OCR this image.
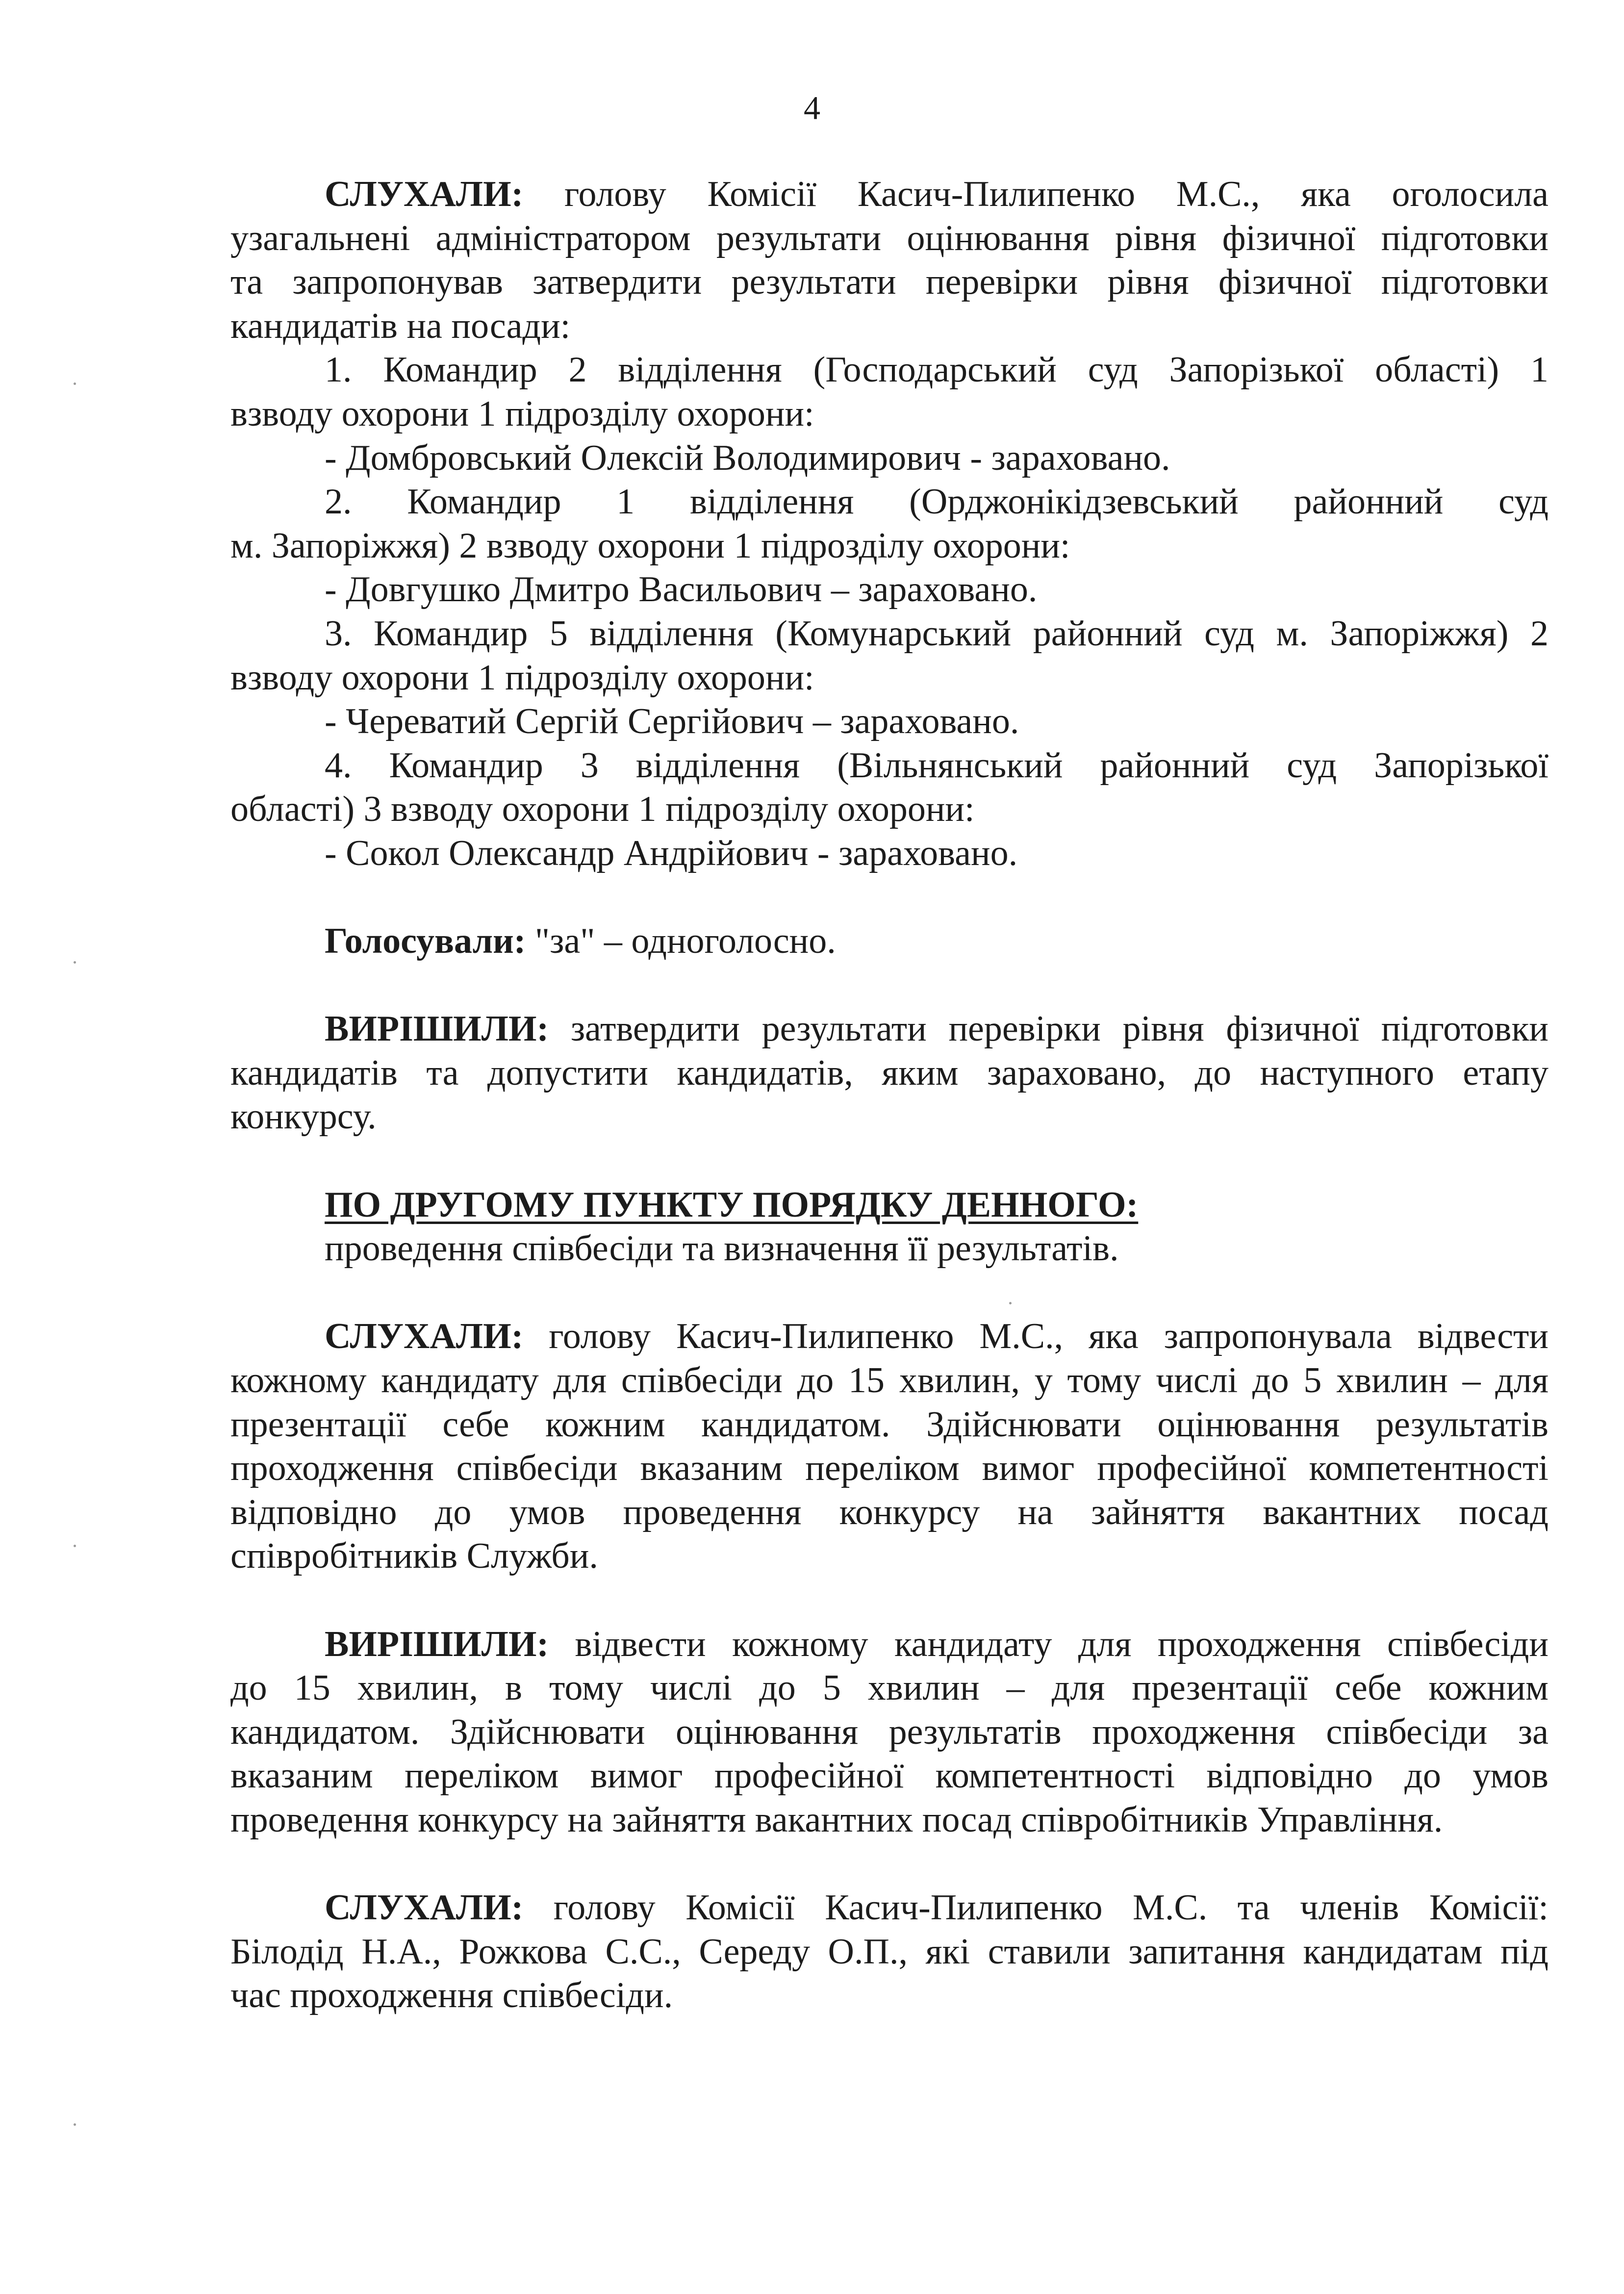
4
СЛУХАЛИ: голову Комісії Касич-Пилипенко М.С., яка оголосила
узагальнені адміністратором результати оцінювання рівня фізичної підготовки
та запропонував затвердити результати перевірки рівня фізичної підготовки
кандидатів на посади:
1. Командир 2 відділення (Господарський суд Запорізької області) 1
взводу охорони 1 підрозділу охорони:
- Домбровський Олексій Володимирович - зараховано.
2. Командир 1 відділення (Орджонікідзевський районний суд
м. Запоріжжя) 2 взводу охорони 1 підрозділу охорони:
- Довгушко Дмитро Васильович – зараховано.
3. Командир 5 відділення (Комунарський районний суд м. Запоріжжя) 2
взводу охорони 1 підрозділу охорони:
- Череватий Сергій Сергійович – зараховано.
4. Командир 3 відділення (Вільнянський районний суд Запорізької
області) 3 взводу охорони 1 підрозділу охорони:
- Сокол Олександр Андрійович - зараховано.
Голосували: "за" – одноголосно.
ВИРІШИЛИ: затвердити результати перевірки рівня фізичної підготовки
кандидатів та допустити кандидатів, яким зараховано, до наступного етапу
конкурсу.
ПО ДРУГОМУ ПУНКТУ ПОРЯДКУ ДЕННОГО:
проведення співбесіди та визначення її результатів.
СЛУХАЛИ: голову Касич-Пилипенко М.С., яка запропонувала відвести
кожному кандидату для співбесіди до 15 хвилин, у тому числі до 5 хвилин – для
презентації себе кожним кандидатом. Здійснювати оцінювання результатів
проходження співбесіди вказаним переліком вимог професійної компетентності
відповідно до умов проведення конкурсу на зайняття вакантних посад
співробітників Служби.
ВИРІШИЛИ: відвести кожному кандидату для проходження співбесіди
до 15 хвилин, в тому числі до 5 хвилин – для презентації себе кожним
кандидатом. Здійснювати оцінювання результатів проходження співбесіди за
вказаним переліком вимог професійної компетентності відповідно до умов
проведення конкурсу на зайняття вакантних посад співробітників Управління.
СЛУХАЛИ: голову Комісії Касич-Пилипенко М.С. та членів Комісії:
Білодід Н.А., Рожкова С.С., Середу О.П., які ставили запитання кандидатам під
час проходження співбесіди.
